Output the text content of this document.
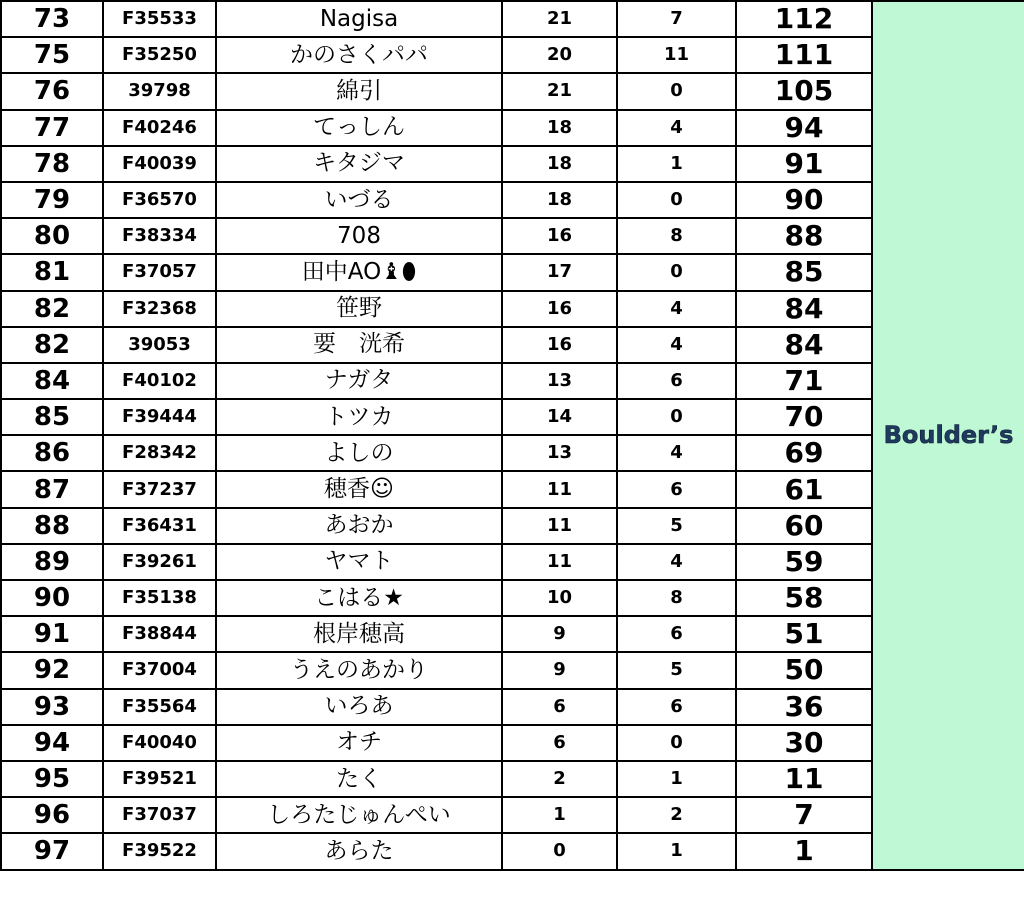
73	F35533	Nagisa	21	7	112	Boulder’s
75	F35250	かのさくパパ	20	11	111	
76	39798	綿引	21	0	105	
77	F40246	てっしん	18	4	94	
78	F40039	キタジマ	18	1	91	
79	F36570	いづる	18	0	90	
80	F38334	708	16	8	88	
81	F37057	田中AO♝⬮	17	0	85	
82	F32368	笹野	16	4	84	
82	39053	要　洸希	16	4	84	
84	F40102	ナガタ	13	6	71	
85	F39444	トツカ	14	0	70	
86	F28342	よしの	13	4	69	
87	F37237	穂香☺	11	6	61	
88	F36431	あおか	11	5	60	
89	F39261	ヤマト	11	4	59	
90	F35138	こはる★	10	8	58	
91	F38844	根岸穂高	9	6	51	
92	F37004	うえのあかり	9	5	50	
93	F35564	いろあ	6	6	36	
94	F40040	オチ	6	0	30	
95	F39521	たく	2	1	11	
96	F37037	しろたじゅんぺい	1	2	7	
97	F39522	あらた	0	1	1	
